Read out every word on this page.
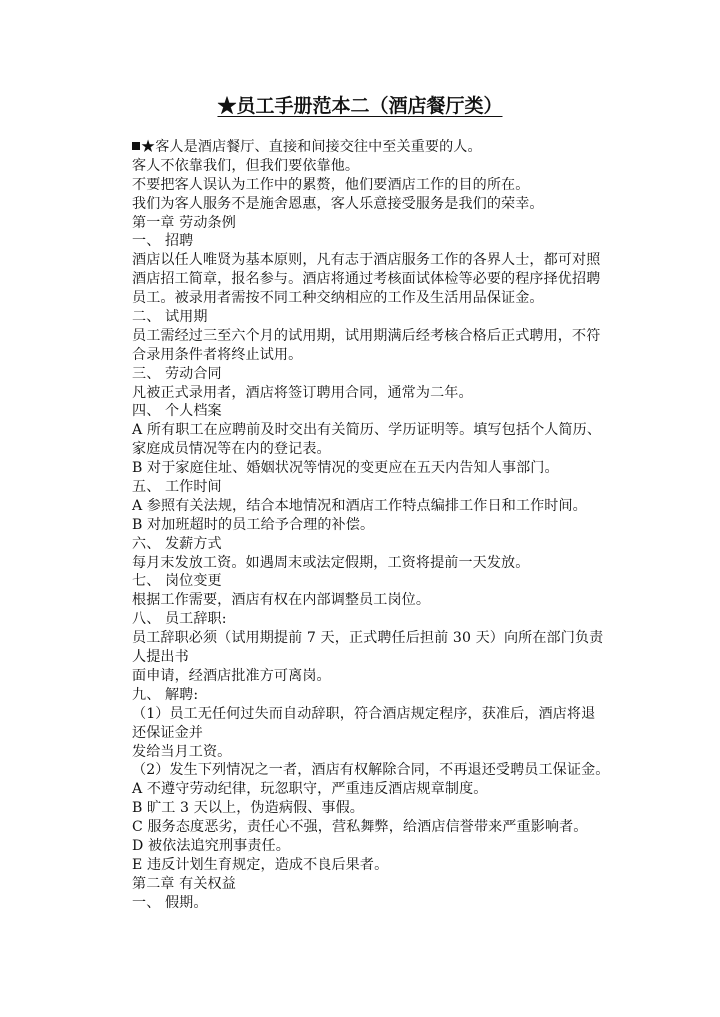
★员工手册范本二（酒店餐厅类）
★客人是酒店餐厅、直接和间接交往中至关重要的人。
客人不依靠我们，但我们要依靠他。
不要把客人误认为工作中的累赘，他们要酒店工作的目的所在。
我们为客人服务不是施舍恩惠，客人乐意接受服务是我们的荣幸。
第一章 劳动条例
一、 招聘
酒店以任人唯贤为基本原则，凡有志于酒店服务工作的各界人士，都可对照
酒店招工简章，报名参与。酒店将通过考核面试体检等必要的程序择优招聘
员工。被录用者需按不同工种交纳相应的工作及生活用品保证金。
二、 试用期
员工需经过三至六个月的试用期，试用期满后经考核合格后正式聘用，不符
合录用条件者将终止试用。
三、 劳动合同
凡被正式录用者，酒店将签订聘用合同，通常为二年。
四、 个人档案
A 所有职工在应聘前及时交出有关简历、学历证明等。填写包括个人简历、
家庭成员情况等在内的登记表。
B 对于家庭住址、婚姻状况等情况的变更应在五天内告知人事部门。
五、 工作时间
A 参照有关法规，结合本地情况和酒店工作特点编排工作日和工作时间。
B 对加班超时的员工给予合理的补偿。
六、 发薪方式
每月末发放工资。如遇周末或法定假期，工资将提前一天发放。
七、 岗位变更
根据工作需要，酒店有权在内部调整员工岗位。
八、 员工辞职:
员工辞职必须（试用期提前 7 天，正式聘任后担前 30 天）向所在部门负责
人提出书
面申请，经酒店批准方可离岗。
九、 解聘:
（1）员工无任何过失而自动辞职，符合酒店规定程序，获准后，酒店将退
还保证金并
发给当月工资。
（2）发生下列情况之一者，酒店有权解除合同，不再退还受聘员工保证金。
A 不遵守劳动纪律，玩忽职守，严重违反酒店规章制度。
B 旷工 3 天以上，伪造病假、事假。
C 服务态度恶劣，责任心不强，营私舞弊，给酒店信誉带来严重影响者。
D 被依法追究刑事责任。
E 违反计划生育规定，造成不良后果者。
第二章 有关权益
一、 假期。
